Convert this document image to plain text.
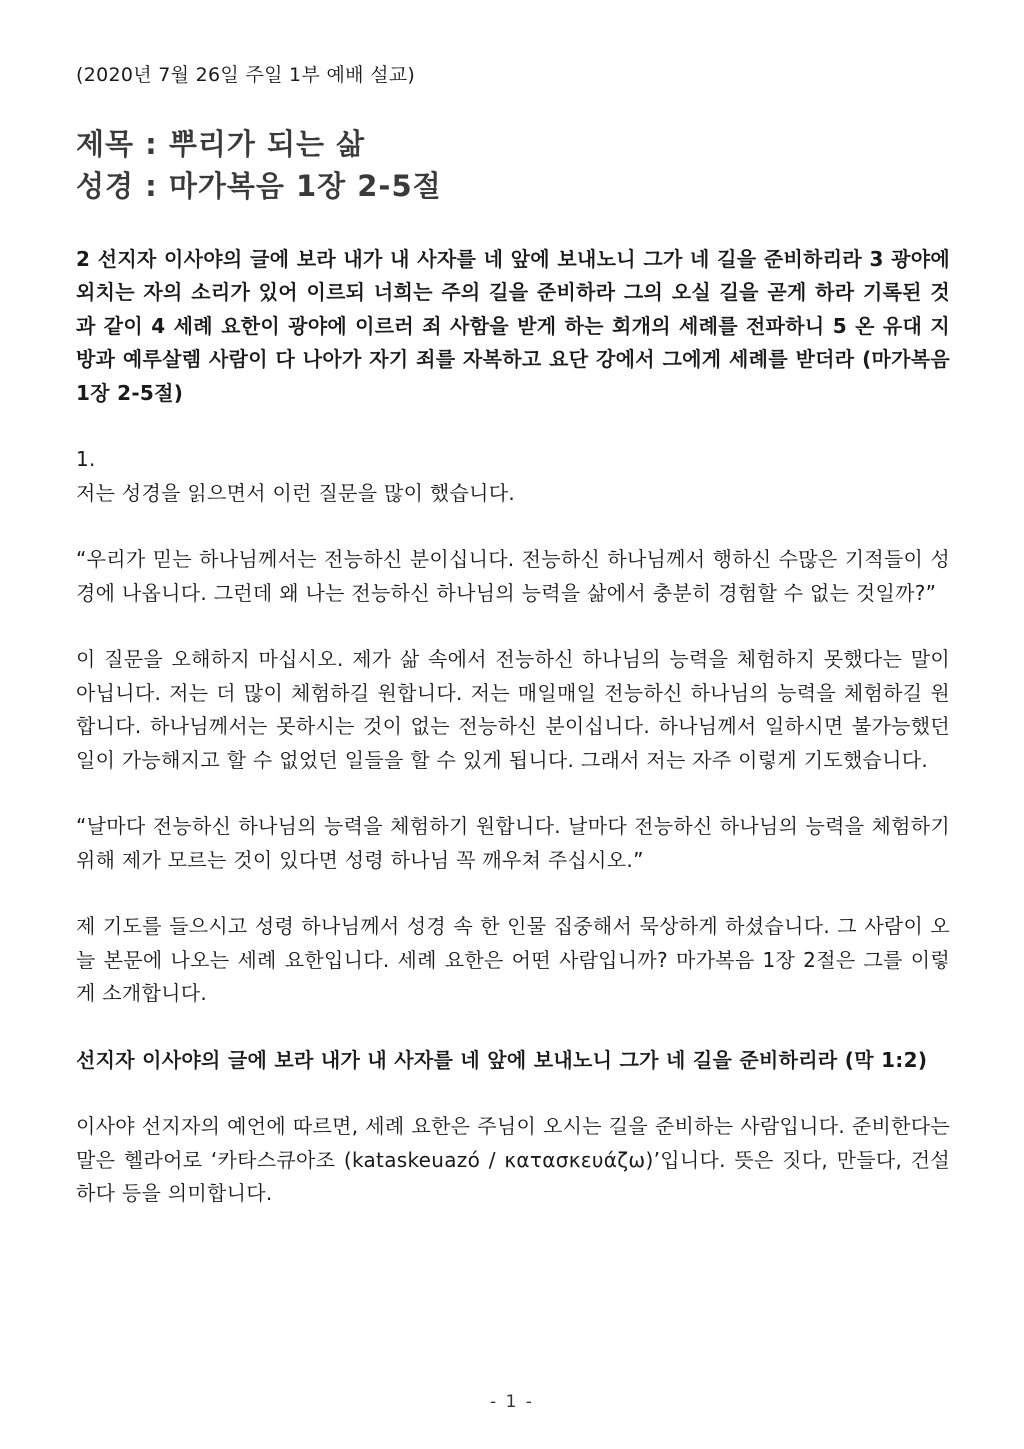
(2020년 7월 26일 주일 1부 예배 설교)
제목 : 뿌리가 되는 삶
성경 : 마가복음 1장 2-5절

2 선지자 이사야의 글에 보라 내가 내 사자를 네 앞에 보내노니 그가 네 길을 준비하리라 3 광야에 외치는 자의 소리가 있어 이르되 너희는 주의 길을 준비하라 그의 오실 길을 곧게 하라 기록된 것과 같이 4 세례 요한이 광야에 이르러 죄 사함을 받게 하는 회개의 세례를 전파하니 5 온 유대 지방과 예루살렘 사람이 다 나아가 자기 죄를 자복하고 요단 강에서 그에게 세례를 받더라 (마가복음 1장 2-5절)

1.

저는 성경을 읽으면서 이런 질문을 많이 했습니다.

“우리가 믿는 하나님께서는 전능하신 분이십니다. 전능하신 하나님께서 행하신 수많은 기적들이 성경에 나옵니다. 그런데 왜 나는 전능하신 하나님의 능력을 삶에서 충분히 경험할 수 없는 것일까?”

이 질문을 오해하지 마십시오. 제가 삶 속에서 전능하신 하나님의 능력을 체험하지 못했다는 말이 아닙니다. 저는 더 많이 체험하길 원합니다. 저는 매일매일 전능하신 하나님의 능력을 체험하길 원합니다. 하나님께서는 못하시는 것이 없는 전능하신 분이십니다. 하나님께서 일하시면 불가능했던 일이 가능해지고 할 수 없었던 일들을 할 수 있게 됩니다. 그래서 저는 자주 이렇게 기도했습니다.

“날마다 전능하신 하나님의 능력을 체험하기 원합니다. 날마다 전능하신 하나님의 능력을 체험하기 위해 제가 모르는 것이 있다면 성령 하나님 꼭 깨우쳐 주십시오.”

제 기도를 들으시고 성령 하나님께서 성경 속 한 인물 집중해서 묵상하게 하셨습니다. 그 사람이 오늘 본문에 나오는 세례 요한입니다. 세례 요한은 어떤 사람입니까? 마가복음 1장 2절은 그를 이렇게 소개합니다.

선지자 이사야의 글에 보라 내가 내 사자를 네 앞에 보내노니 그가 네 길을 준비하리라 (막 1:2)

이사야 선지자의 예언에 따르면, 세례 요한은 주님이 오시는 길을 준비하는 사람입니다. 준비한다는 말은 헬라어로 ‘카타스큐아조 (kataskeuazó / κατασκευάζω)’입니다. 뜻은 짓다, 만들다, 건설하다 등을 의미합니다.

- 1 -
